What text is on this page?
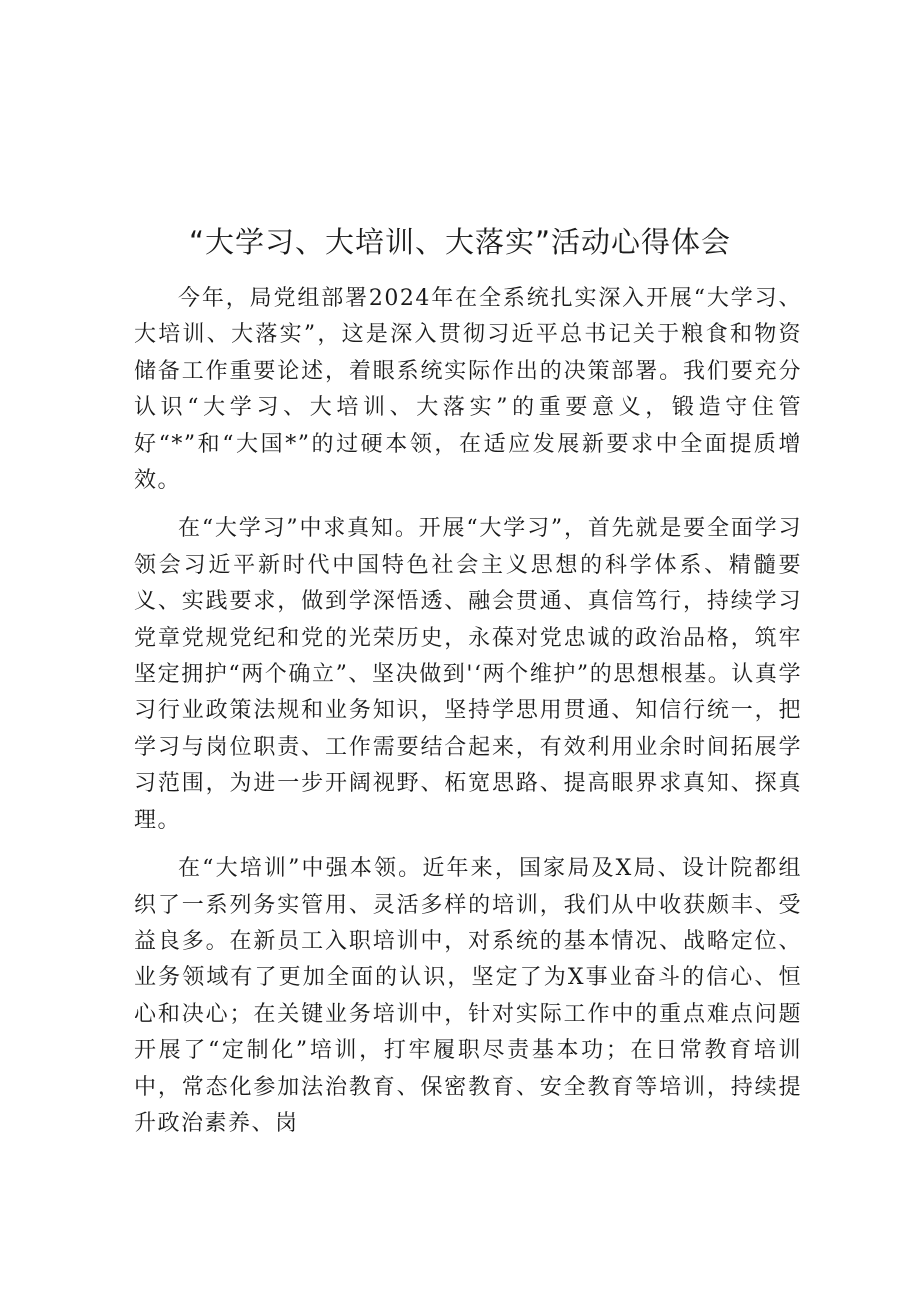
“大学习、大培训、大落实”活动心得体会

今年，局党组部署2024年在全系统扎实深入开展“大学习、大培训、大落实”，这是深入贯彻习近平总书记关于粮食和物资储备工作重要论述，着眼系统实际作出的决策部署。我们要充分认识“大学习、大培训、大落实”的重要意义，锻造守住管好“*”和“大国*”的过硬本领，在适应发展新要求中全面提质增效。

在“大学习”中求真知。开展“大学习”，首先就是要全面学习领会习近平新时代中国特色社会主义思想的科学体系、精髓要义、实践要求，做到学深悟透、融会贯通、真信笃行，持续学习党章党规党纪和党的光荣历史，永葆对党忠诚的政治品格，筑牢坚定拥护“两个确立”、坚决做到'‘两个维护”的思想根基。认真学习行业政策法规和业务知识，坚持学思用贯通、知信行统一，把学习与岗位职责、工作需要结合起来，有效利用业余时间拓展学习范围，为进一步开阔视野、柘宽思路、提高眼界求真知、探真理。

在“大培训”中强本领。近年来，国家局及X局、设计院都组织了一系列务实管用、灵活多样的培训，我们从中收获颇丰、受益良多。在新员工入职培训中，对系统的基本情况、战略定位、业务领域有了更加全面的认识，坚定了为X事业奋斗的信心、恒心和决心；在关键业务培训中，针对实际工作中的重点难点问题开展了“定制化”培训，打牢履职尽责基本功；在日常教育培训中，常态化参加法治教育、保密教育、安全教育等培训，持续提升政治素养、岗
